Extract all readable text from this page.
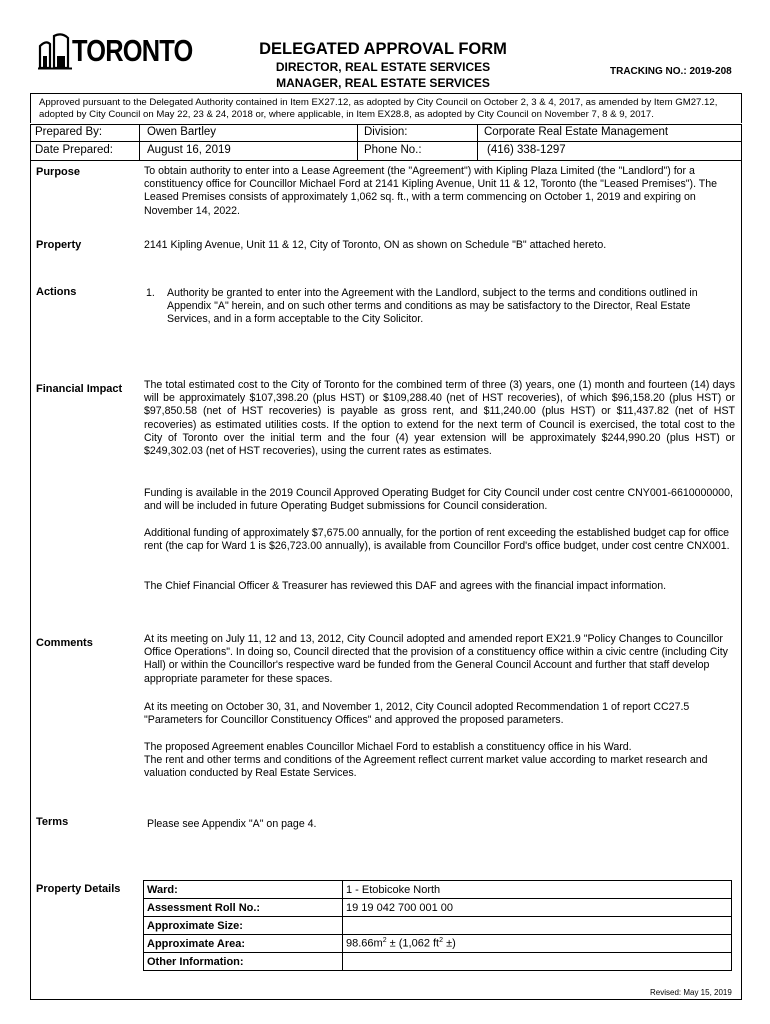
TORONTO	DELEGATED APPROVAL FORM
DIRECTOR, REAL ESTATE SERVICES
MANAGER, REAL ESTATE SERVICES
TRACKING NO.: 2019-208
Approved pursuant to the Delegated Authority contained in Item EX27.12, as adopted by City Council on October 2, 3 & 4, 2017, as amended by Item GM27.12, adopted by City Council on May 22, 23 & 24, 2018 or, where applicable, in Item EX28.8, as adopted by City Council on November 7, 8 & 9, 2017.
Prepared By:	Owen Bartley	Division:	Corporate Real Estate Management
Date Prepared:	August 16, 2019	Phone No.:	(416) 338-1297
Purpose	To obtain authority to enter into a Lease Agreement (the "Agreement") with Kipling Plaza Limited (the "Landlord") for a constituency office for Councillor Michael Ford at 2141 Kipling Avenue, Unit 11 & 12, Toronto (the "Leased Premises"). The Leased Premises consists of approximately 1,062 sq. ft., with a term commencing on October 1, 2019 and expiring on November 14, 2022.
Property	2141 Kipling Avenue, Unit 11 & 12, City of Toronto, ON as shown on Schedule "B" attached hereto.
Actions	1. Authority be granted to enter into the Agreement with the Landlord, subject to the terms and conditions outlined in Appendix "A" herein, and on such other terms and conditions as may be satisfactory to the Director, Real Estate Services, and in a form acceptable to the City Solicitor.
Financial Impact The total estimated cost to the City of Toronto for the combined term of three (3) years, one (1) month and fourteen (14) days will be approximately $107,398.20 (plus HST) or $109,288.40 (net of HST recoveries), of which $96,158.20 (plus HST) or $97,850.58 (net of HST recoveries) is payable as gross rent, and $11,240.00 (plus HST) or $11,437.82 (net of HST recoveries) as estimated utilities costs. If the option to extend for the next term of Council is exercised, the total cost to the City of Toronto over the initial term and the four (4) year extension will be approximately $244,990.20 (plus HST) or $249,302.03 (net of HST recoveries), using the current rates as estimates.
Funding is available in the 2019 Council Approved Operating Budget for City Council under cost centre CNY001-6610000000, and will be included in future Operating Budget submissions for Council consideration.
Additional funding of approximately $7,675.00 annually, for the portion of rent exceeding the established budget cap for office rent (the cap for Ward 1 is $26,723.00 annually), is available from Councillor Ford's office budget, under cost centre CNX001.
The Chief Financial Officer & Treasurer has reviewed this DAF and agrees with the financial impact information.
Comments	At its meeting on July 11, 12 and 13, 2012, City Council adopted and amended report EX21.9 "Policy Changes to Councillor Office Operations". In doing so, Council directed that the provision of a constituency office within a civic centre (including City Hall) or within the Councillor's respective ward be funded from the General Council Account and further that staff develop appropriate parameter for these spaces.
At its meeting on October 30, 31, and November 1, 2012, City Council adopted Recommendation 1 of report CC27.5 "Parameters for Councillor Constituency Offices" and approved the proposed parameters.
The proposed Agreement enables Councillor Michael Ford to establish a constituency office in his Ward.
The rent and other terms and conditions of the Agreement reflect current market value according to market research and valuation conducted by Real Estate Services.
Terms	Please see Appendix "A" on page 4.
Property Details Ward:	1 - Etobicoke North
Assessment Roll No.:	19 19 042 700 001 00
Approximate Size:	
Approximate Area:	$98.66m^2 \pm (1,062$ $ft^2$ ±)
Other Information:	
Revised: May 15, 2019
